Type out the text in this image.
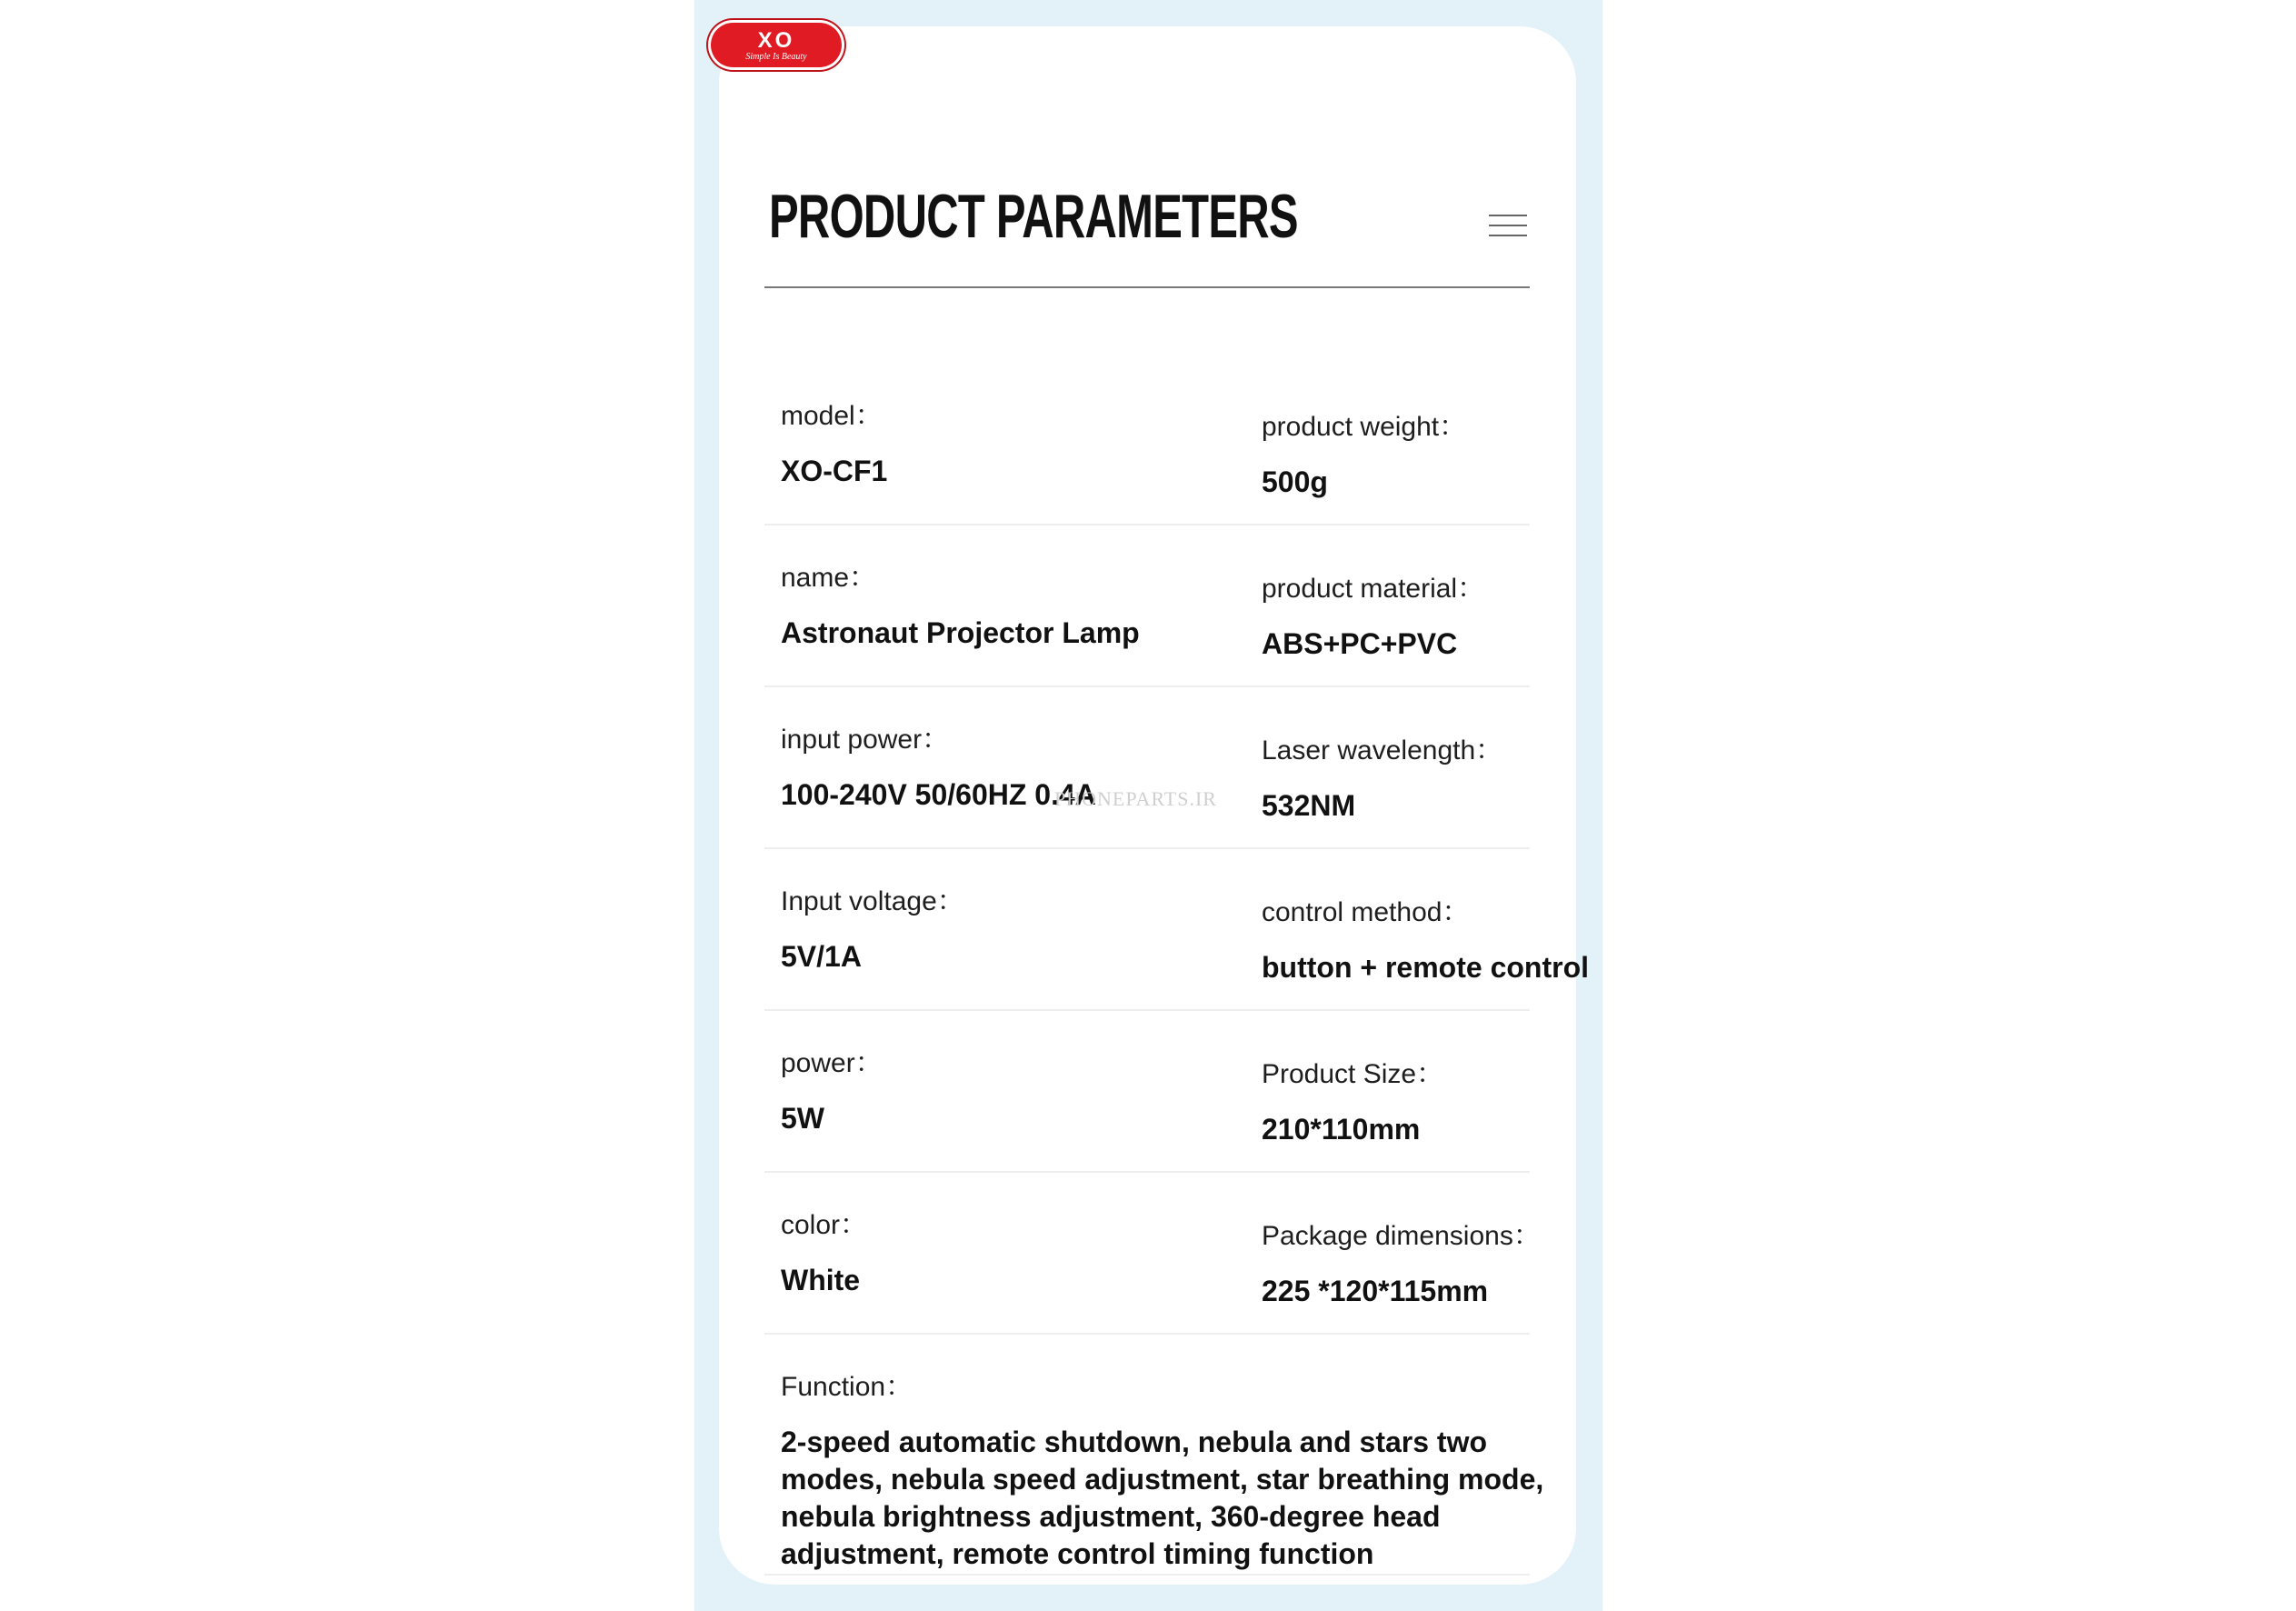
XO
Simple Is Beauty
PRODUCT PARAMETERS
model：
XO-CF1
product weight：
500g
name：
Astronaut Projector Lamp
product material：
ABS+PC+PVC
input power：
100-240V 50/60HZ 0.4A
Laser wavelength：
532NM
Input voltage：
5V/1A
control method：
button + remote control
power：
5W
Product Size：
210*110mm
color：
White
Package dimensions：
225 *120*115mm
Function：
2-speed automatic shutdown, nebula and stars two modes, nebula speed adjustment, star breathing mode, nebula brightness adjustment, 360-degree head adjustment, remote control timing function
PHONEPARTS.IR
